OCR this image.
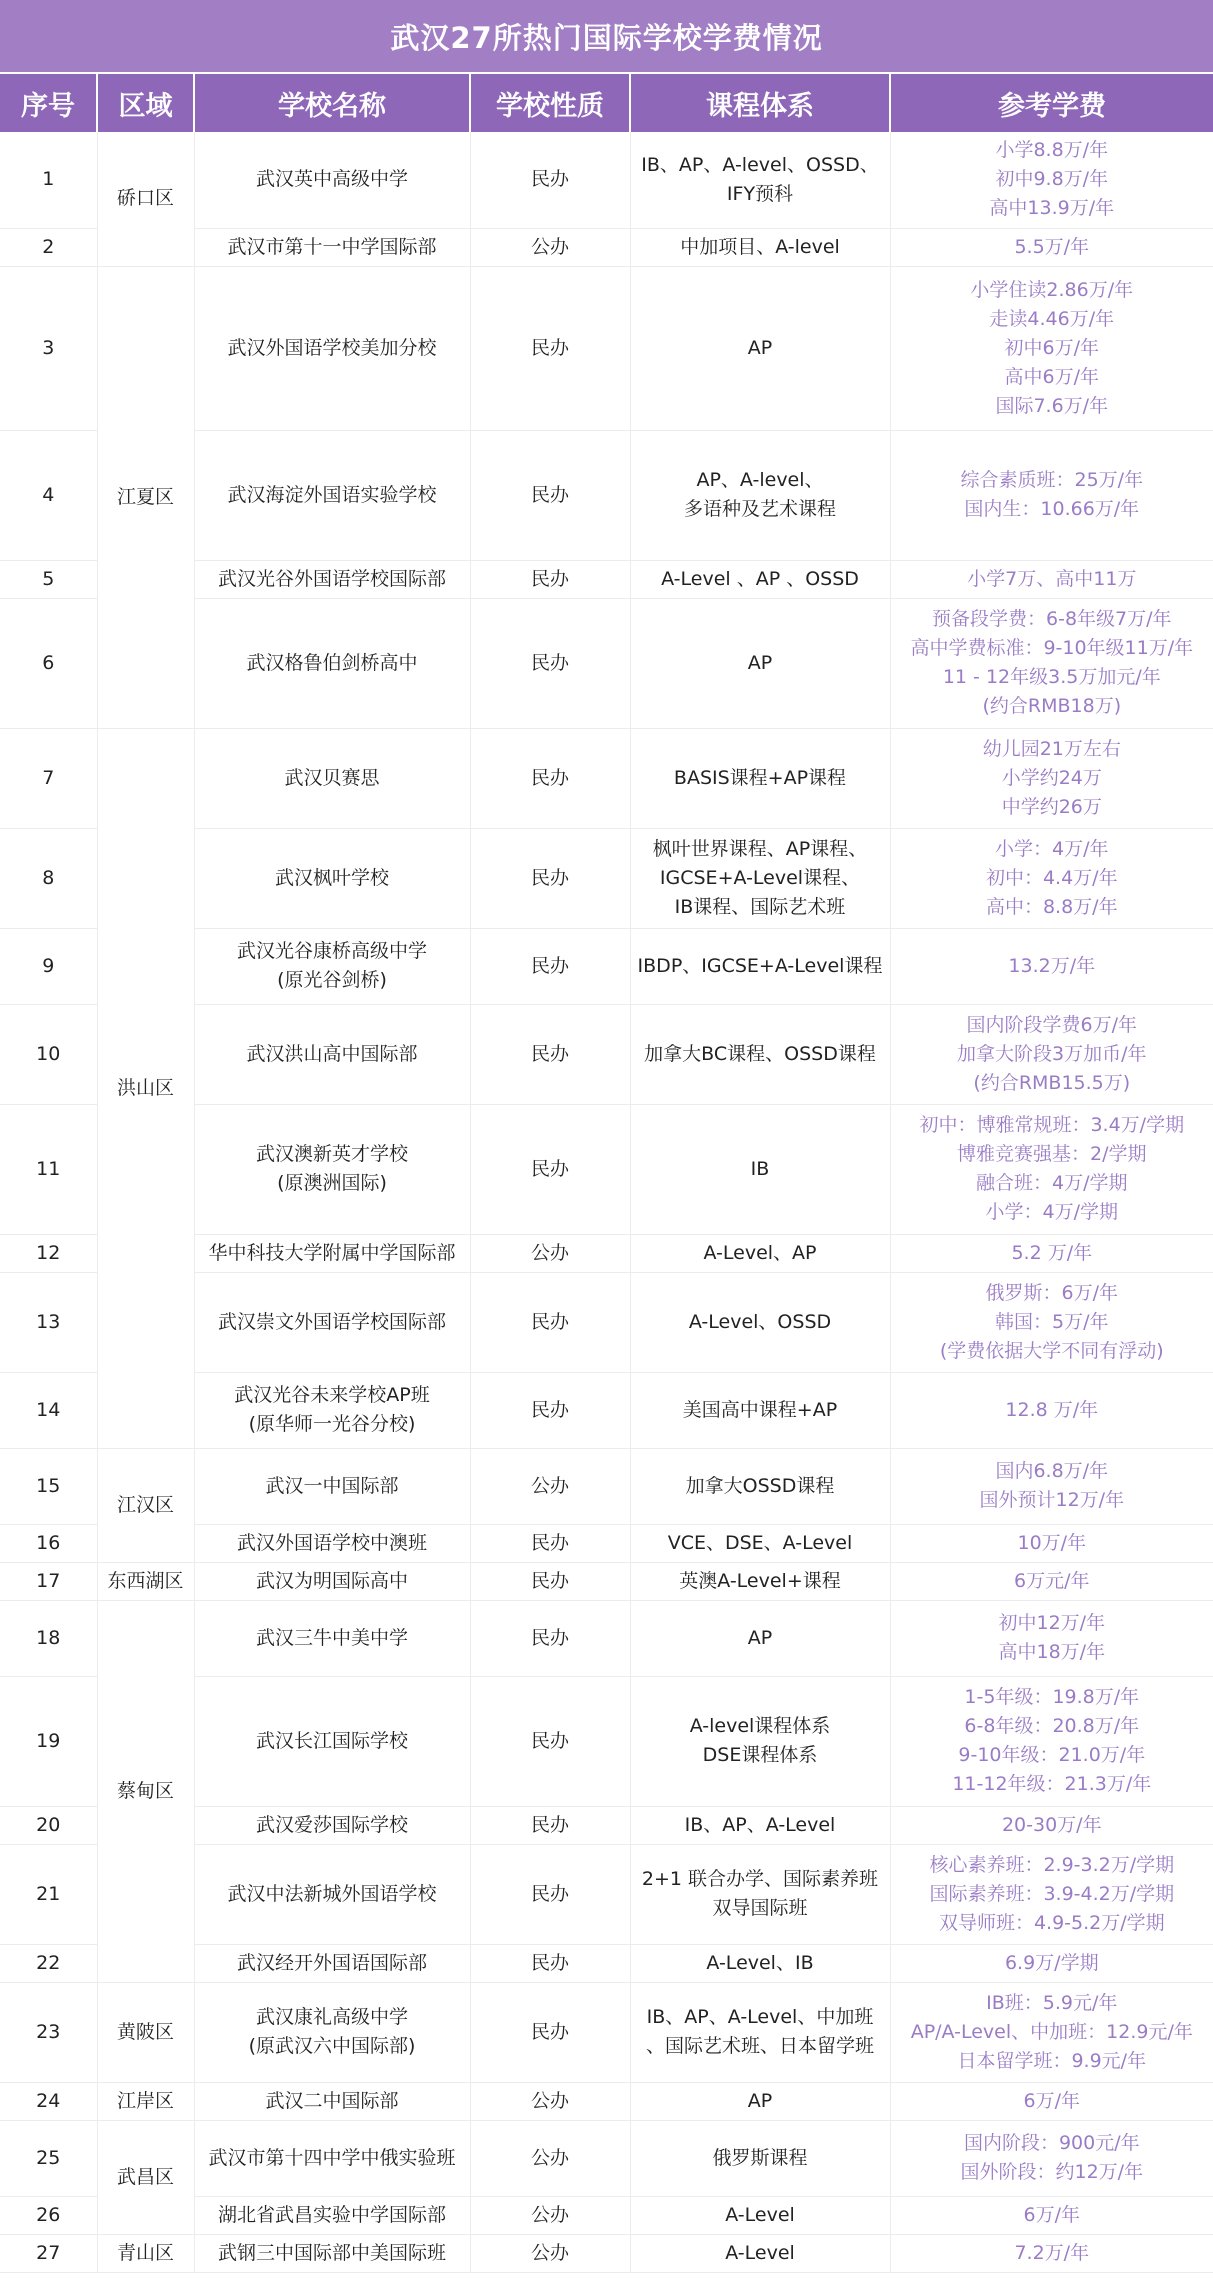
武汉27所热门国际学校学费情况					
序号	区域	学校名称	学校性质	课程体系	参考学费
1	硚口区	武汉英中高级中学	民办	IB、AP、A-level、OSSD、
IFY预科	小学8.8万/年
初中9.8万/年
高中13.9万/年

2		武汉市第十一中学国际部	公办	中加项目、A-level	5.5万/年

3	江夏区	武汉外国语学校美加分校	民办	AP	小学住读2.86万/年
走读4.46万/年
初中6万/年
高中6万/年
国际7.6万/年

4		武汉海淀外国语实验学校	民办	AP、A-level、
多语种及艺术课程	综合素质班：25万/年
国内生：10.66万/年

5		武汉光谷外国语学校国际部	民办	A-Level 、AP 、OSSD	小学7万、高中11万

6		武汉格鲁伯剑桥高中	民办	AP	预备段学费：6-8年级7万/年
高中学费标准：9-10年级11万/年
11 - 12年级3.5万加元/年
(约合RMB18万)

7	洪山区	武汉贝赛思	民办	BASIS课程+AP课程	幼儿园21万左右
小学约24万
中学约26万

8		武汉枫叶学校	民办	枫叶世界课程、AP课程、
IGCSE+A-Level课程、
IB课程、国际艺术班	小学：4万/年
初中：4.4万/年
高中：8.8万/年

9		武汉光谷康桥高级中学
(原光谷剑桥)	民办	IBDP、IGCSE+A-Level课程	13.2万/年

10		武汉洪山高中国际部	民办	加拿大BC课程、OSSD课程	国内阶段学费6万/年
加拿大阶段3万加币/年
(约合RMB15.5万)

11		武汉澳新英才学校
(原澳洲国际)	民办	IB	初中：博雅常规班：3.4万/学期
博雅竞赛强基：2/学期
融合班：4万/学期
小学：4万/学期

12		华中科技大学附属中学国际部	公办	A-Level、AP	5.2 万/年

13		武汉崇文外国语学校国际部	民办	A-Level、OSSD	俄罗斯：6万/年
韩国：5万/年
(学费依据大学不同有浮动)

14		武汉光谷未来学校AP班
(原华师一光谷分校)	民办	美国高中课程+AP	12.8 万/年

15	江汉区	武汉一中国际部	公办	加拿大OSSD课程	国内6.8万/年
国外预计12万/年

16		武汉外国语学校中澳班	民办	VCE、DSE、A-Level	10万/年

17	东西湖区	武汉为明国际高中	民办	英澳A-Level+课程	6万元/年

18	蔡甸区	武汉三牛中美中学	民办	AP	初中12万/年
高中18万/年

19		武汉长江国际学校	民办	A-level课程体系
DSE课程体系	1-5年级：19.8万/年
6-8年级：20.8万/年
9-10年级：21.0万/年
11-12年级：21.3万/年

20		武汉爱莎国际学校	民办	IB、AP、A-Level	20-30万/年

21		武汉中法新城外国语学校	民办	2+1 联合办学、国际素养班
双导国际班	核心素养班：2.9-3.2万/学期
国际素养班：3.9-4.2万/学期
双导师班：4.9-5.2万/学期

22		武汉经开外国语国际部	民办	A-Level、IB	6.9万/学期

23	黄陂区	武汉康礼高级中学
(原武汉六中国际部)	民办	IB、AP、A-Level、中加班
、国际艺术班、日本留学班	IB班：5.9元/年
AP/A-Level、中加班：12.9元/年
日本留学班：9.9元/年

24	江岸区	武汉二中国际部	公办	AP	6万/年

25	武昌区	武汉市第十四中学中俄实验班	公办	俄罗斯课程	国内阶段：900元/年
国外阶段：约12万/年

26		湖北省武昌实验中学国际部	公办	A-Level	6万/年

27	青山区	武钢三中国际部中美国际班	公办	A-Level	7.2万/年
